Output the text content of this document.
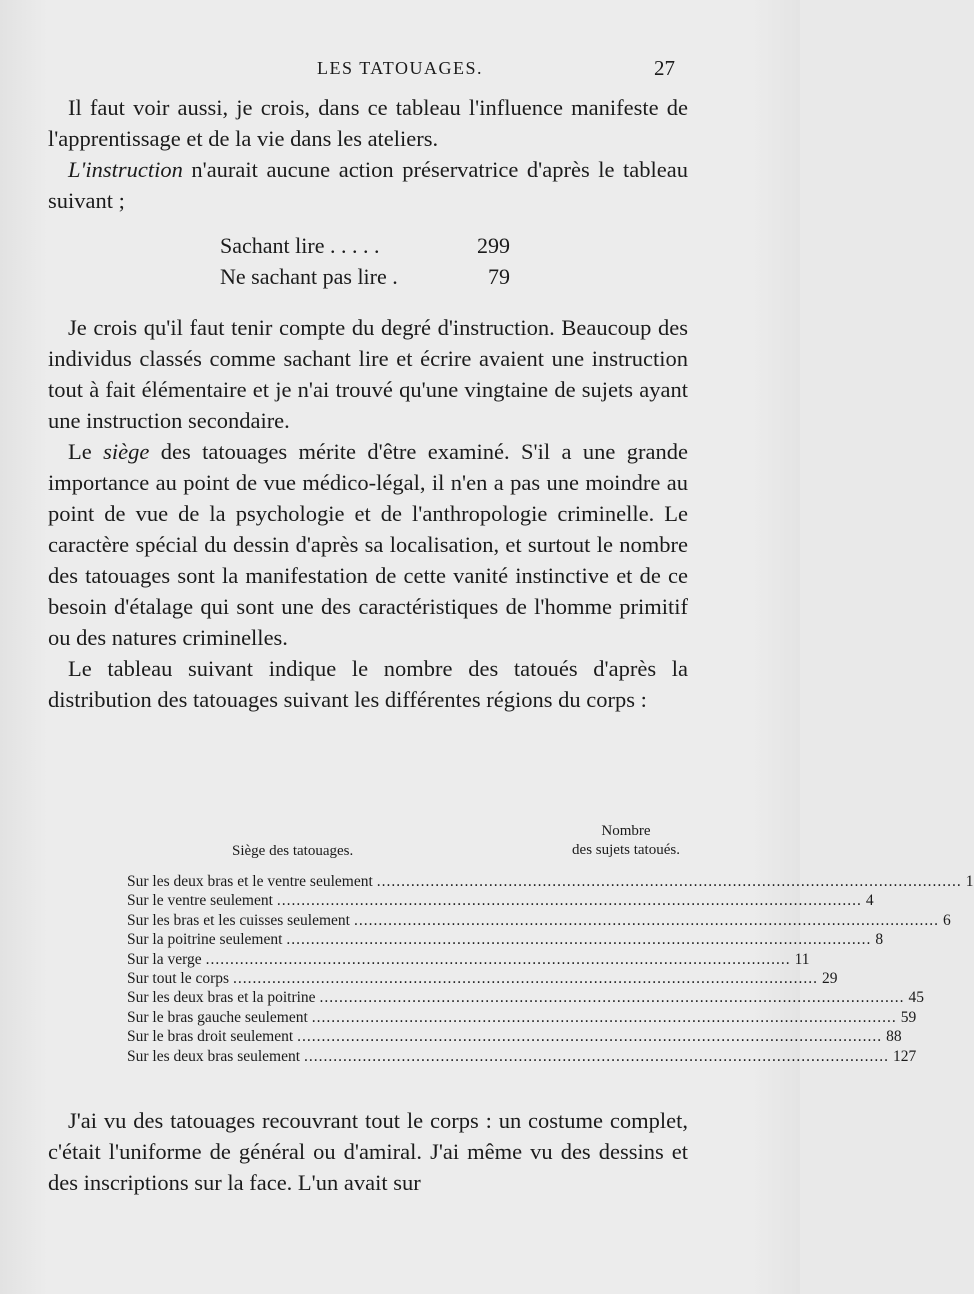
LES TATOUAGES.	27

Il faut voir aussi, je crois, dans ce tableau l'influence manifeste de l'apprentissage et de la vie dans les ateliers.

L'instruction n'aurait aucune action préservatrice d'après le tableau suivant ;

Sachant lire . . . . .	299
Ne sachant pas lire .	79

Je crois qu'il faut tenir compte du degré d'instruction. Beaucoup des individus classés comme sachant lire et écrire avaient une instruction tout à fait élémentaire et je n'ai trouvé qu'une vingtaine de sujets ayant une instruction secondaire.

Le siège des tatouages mérite d'être examiné. S'il a une grande importance au point de vue médico-légal, il n'en a pas une moindre au point de vue de la psychologie et de l'anthropologie criminelle. Le caractère spécial du dessin d'après sa localisation, et surtout le nombre des tatouages sont la manifestation de cette vanité instinctive et de ce besoin d'étalage qui sont une des caractéristiques de l'homme primitif ou des natures criminelles.

Le tableau suivant indique le nombre des tatoués d'après la distribution des tatouages suivant les différentes régions du corps :

Siège des tatouages.
Nombre
des sujets tatoués.
Sur les deux bras et le ventre seulement ........................................................................................................................ 1
Sur le ventre seulement ........................................................................................................................ 4
Sur les bras et les cuisses seulement ........................................................................................................................ 6
Sur la poitrine seulement ........................................................................................................................ 8
Sur la verge ........................................................................................................................ 11
Sur tout le corps ........................................................................................................................ 29
Sur les deux bras et la poitrine ........................................................................................................................ 45
Sur le bras gauche seulement ........................................................................................................................ 59
Sur le bras droit seulement ........................................................................................................................ 88
Sur les deux bras seulement ........................................................................................................................ 127

J'ai vu des tatouages recouvrant tout le corps : un costume complet, c'était l'uniforme de général ou d'amiral. J'ai même vu des dessins et des inscriptions sur la face. L'un avait sur
